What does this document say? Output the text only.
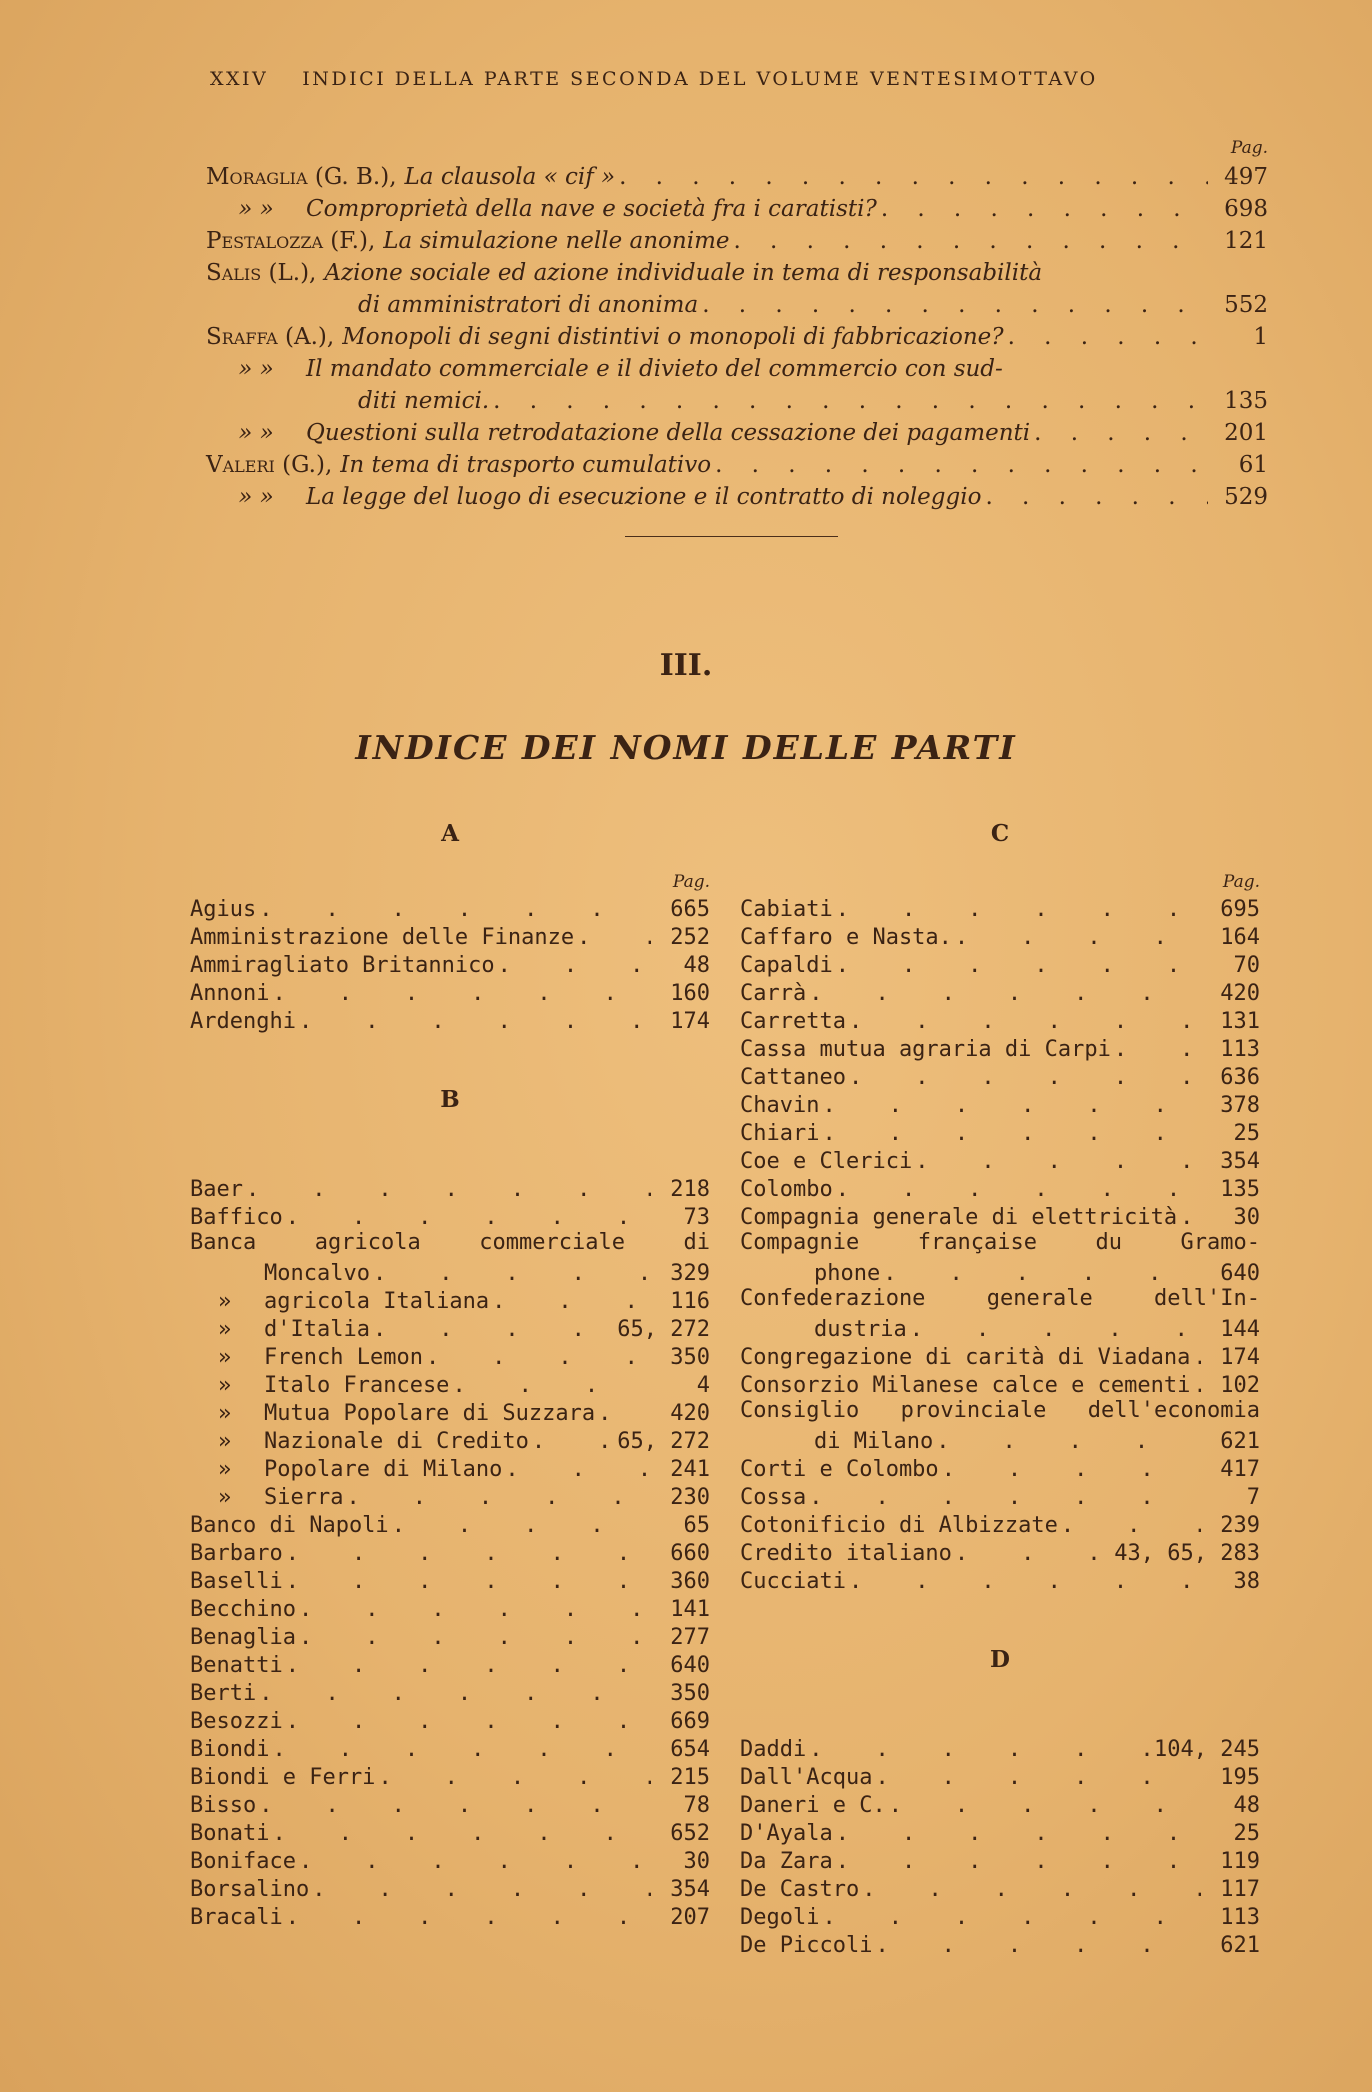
XXIV INDICI DELLA PARTE SECONDA DEL VOLUME VENTESIMOTTAVO
Pag.
Moraglia (G. B.), La clausola « cif » .	497
» »	Comproprietà della nave e società fra i caratisti? .	698
Pestalozza (F.), La simulazione nelle anonime .	121
Salis (L.), Azione sociale ed azione individuale in tema di responsabilità
di amministratori di anonima .	552
Sraffa (A.), Monopoli di segni distintivi o monopoli di fabbricazione? .	1
» »	Il mandato commerciale e il divieto del commercio con sud-
diti nemici. .	135
» »	Questioni sulla retrodatazione della cessazione dei pagamenti .	201
Valeri (G.), In tema di trasporto cumulativo .	61
» »	La legge del luogo di esecuzione e il contratto di noleggio .	529
III.
INDICE DEI NOMI DELLE PARTI
A
Pag.
Agius .	665
Amministrazione delle Finanze .	252
Ammiragliato Britannico .	48
Annoni .	160
Ardenghi .	174
B
Baer .	218
Baffico .	73
Banca agricola commerciale di
Moncalvo .	329
»	agricola Italiana .	116
»	d'Italia .	65, 272
»	French Lemon .	350
»	Italo Francese .	4
»	Mutua Popolare di Suzzara .	420
»	Nazionale di Credito .	65, 272
»	Popolare di Milano .	241
»	Sierra .	230
Banco di Napoli .	65
Barbaro .	660
Baselli .	360
Becchino .	141
Benaglia .	277
Benatti .	640
Berti .	350
Besozzi .	669
Biondi .	654
Biondi e Ferri .	215
Bisso .	78
Bonati .	652
Boniface .	30
Borsalino .	354
Bracali .	207
C
Pag.
Cabiati .	695
Caffaro e Nasta. .	164
Capaldi .	70
Carrà .	420
Carretta .	131
Cassa mutua agraria di Carpi .	113
Cattaneo .	636
Chavin .	378
Chiari .	25
Coe e Clerici .	354
Colombo .	135
Compagnia generale di elettricità .	30
Compagnie française du Gramo-
phone .	640
Confederazione generale dell'In-
dustria .	144
Congregazione di carità di Viadana .	174
Consorzio Milanese calce e cementi .	102
Consiglio provinciale dell'economia
di Milano .	621
Corti e Colombo .	417
Cossa .	7
Cotonificio di Albizzate .	239
Credito italiano .	43, 65, 283
Cucciati .	38
D
Daddi .	104, 245
Dall'Acqua .	195
Daneri e C. .	48
D'Ayala .	25
Da Zara .	119
De Castro .	117
Degoli .	113
De Piccoli .	621
